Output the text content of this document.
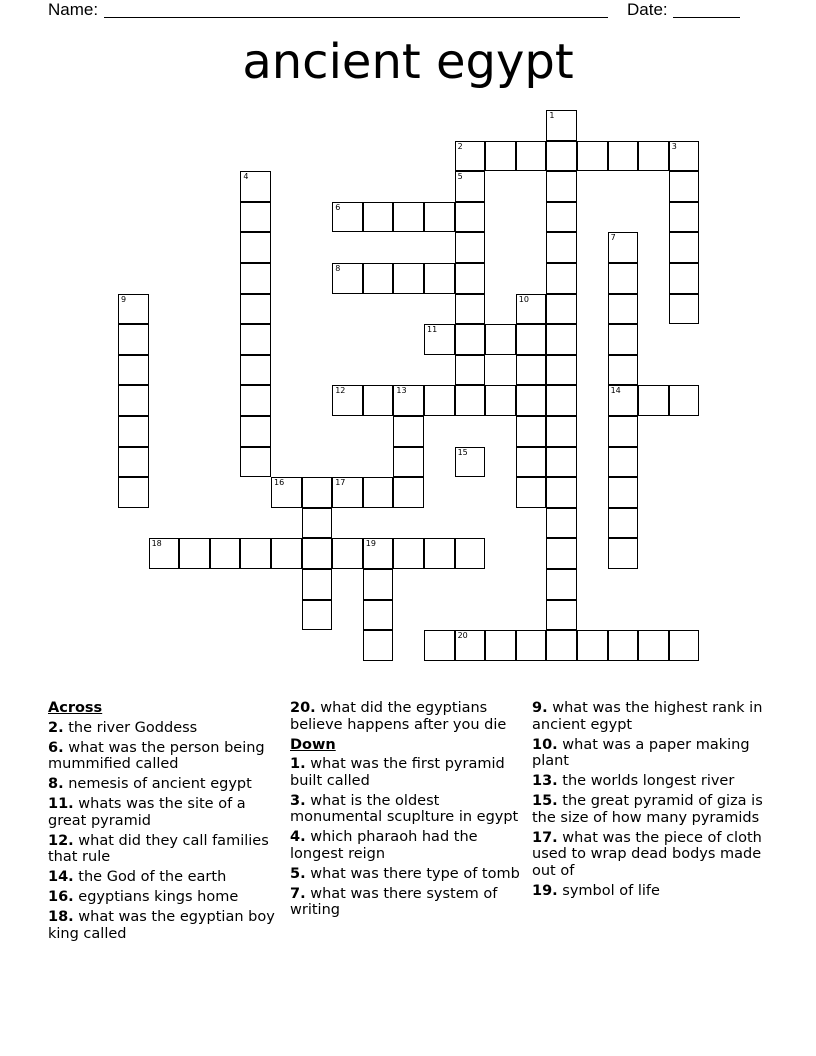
Name:	Date:
ancient egypt
1
2	3
4	5
6
7
8
9	10
11
12	13	14
15
16	17
18	19
20
Across
2. the river Goddess
6. what was the person being mummified called
8. nemesis of ancient egypt
11. whats was the site of a great pyramid
12. what did they call families that rule
14. the God of the earth
16. egyptians kings home
18. what was the egyptian boy king called
20. what did the egyptians believe happens after you die
Down
1. what was the first pyramid built called
3. what is the oldest monumental scuplture in egypt
4. which pharaoh had the longest reign
5. what was there type of tomb
7. what was there system of writing
9. what was the highest rank in ancient egypt
10. what was a paper making plant
13. the worlds longest river
15. the great pyramid of giza is the size of how many pyramids
17. what was the piece of cloth used to wrap dead bodys made out of
19. symbol of life
